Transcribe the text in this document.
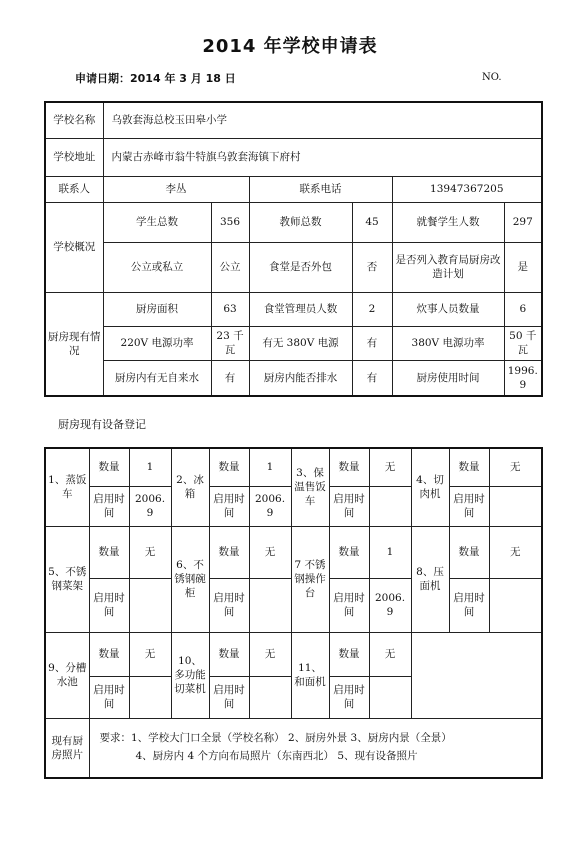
2014 年学校申请表
申请日期：2014 年 3 月 18 日	NO.
学校名称	乌敦套海总校玉田皋小学					
学校地址	内蒙古赤峰市翁牛特旗乌敦套海镇下府村					
联系人	李丛		联系电话		13947367205	
学校概况	学生总数	356	教师总数	45	就餐学生人数	297
	公立或私立	公立	食堂是否外包	否	是否列入教育局厨房改造计划	是
厨房现有情况	厨房面积	63	食堂管理员人数	2	炊事人员数量	6
	220V 电源功率	23 千瓦	有无 380V 电源	有	380V 电源功率	50 千瓦
	厨房内有无自来水	有	厨房内能否排水	有	厨房使用时间	1996. 9
厨房现有设备登记
1、蒸饭车	数量	1	2、冰箱	数量	1	3、保温售饭车	数量	无	4、切肉机	数量	无
	启用时间	2006. 9		启用时间	2006. 9		启用时间			启用时间	
5、不锈钢菜架	数量	无	6、不锈钢碗柜	数量	无	7 不锈钢操作台	数量	1	8、压面机	数量	无
	启用时间			启用时间			启用时间	2006. 9		启用时间	
9、分槽水池	数量	无	10、多功能切菜机	数量	无	11、和面机	数量	无			
	启用时间			启用时间			启用时间				
现有厨房照片	要求：1、学校大门口全景（学校名称） 2、厨房外景 3、厨房内景（全景）
4、厨房内 4 个方向布局照片（东南西北） 5、现有设备照片										
